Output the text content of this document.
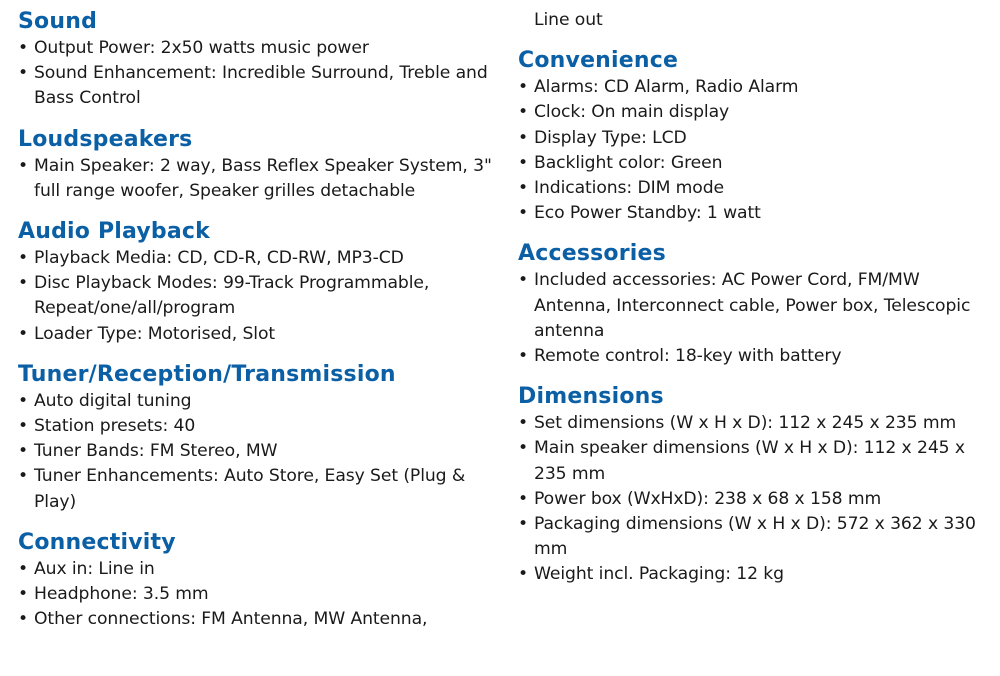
Sound
• Output Power: 2x50 watts music power
• Sound Enhancement: Incredible Surround, Treble and Bass Control
Loudspeakers
• Main Speaker: 2 way, Bass Reflex Speaker System, 3" full range woofer, Speaker grilles detachable
Audio Playback
• Playback Media: CD, CD-R, CD-RW, MP3-CD
• Disc Playback Modes: 99-Track Programmable, Repeat/one/all/program
• Loader Type: Motorised, Slot
Tuner/Reception/Transmission
• Auto digital tuning
• Station presets: 40
• Tuner Bands: FM Stereo, MW
• Tuner Enhancements: Auto Store, Easy Set (Plug & Play)
Connectivity
• Aux in: Line in
• Headphone: 3.5 mm
• Other connections: FM Antenna, MW Antenna,
Line out
Convenience
• Alarms: CD Alarm, Radio Alarm
• Clock: On main display
• Display Type: LCD
• Backlight color: Green
• Indications: DIM mode
• Eco Power Standby: 1 watt
Accessories
• Included accessories: AC Power Cord, FM/MW Antenna, Interconnect cable, Power box, Telescopic antenna
• Remote control: 18-key with battery
Dimensions
• Set dimensions (W x H x D): 112 x 245 x 235 mm
• Main speaker dimensions (W x H x D): 112 x 245 x 235 mm
• Power box (WxHxD): 238 x 68 x 158 mm
• Packaging dimensions (W x H x D): 572 x 362 x 330 mm
• Weight incl. Packaging: 12 kg
